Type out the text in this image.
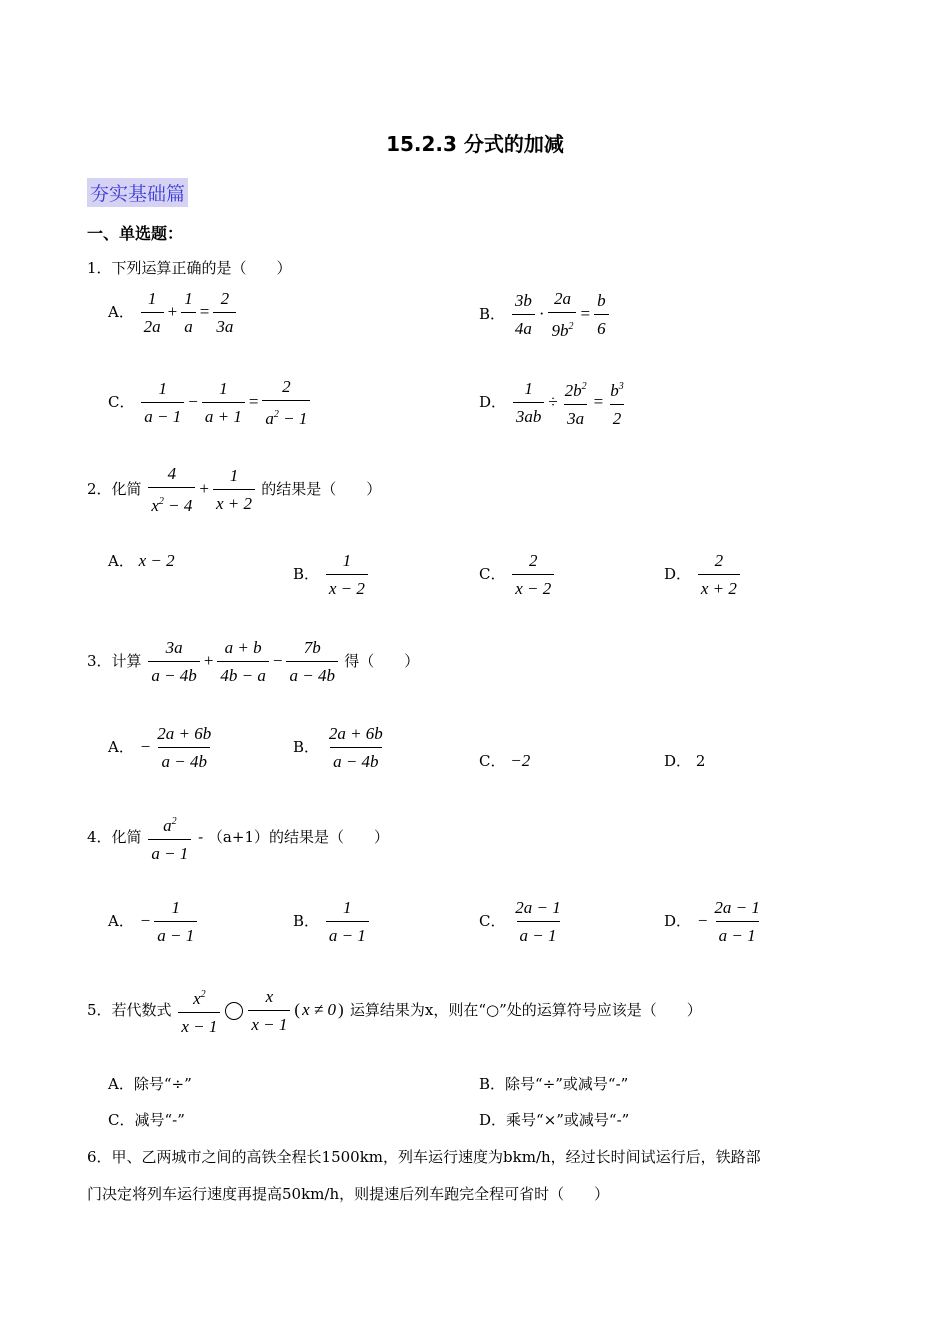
15.2.3 分式的加减
夯实基础篇
一、单选题：
1．下列运算正确的是（　　）
A． $\frac{1}{2a} + \frac{1}{a} = \frac{2}{3a}$	B． $\frac{3b}{4a} \cdot \frac{2a}{9b^2} = \frac{b}{6}$
C． $\frac{1}{a - 1} - \frac{1}{a + 1} = \frac{2}{a^2 - 1}$	D． $\frac{1}{3ab} \div \frac{2b^2}{3a} = \frac{b^3}{2}$
2．化简 $\frac{4}{x^2 - 4} + \frac{1}{x + 2}$ 的结果是（　　）
A． x − 2
B． $\frac{1}{x - 2}$	C． $\frac{2}{x - 2}$	D． $\frac{2}{x + 2}$
3．计算 $\frac{3a}{a - 4b} + \frac{a + b}{4b - a} - \frac{7b}{a - 4b}$ 得（　　）
A． − $\frac{2a + 6b}{a - 4b}$	B． $\frac{2a + 6b}{a - 4b}$	C． −2	D． 2
4．化简 $\frac{a^2}{a - 1} - (a+1)$的结果是（　　）
A． − $\frac{1}{a - 1}$	B． $\frac{1}{a - 1}$	C． $\frac{2a - 1}{a - 1}$	D． − $\frac{2a - 1}{a - 1}$
5．若代数式 $\frac{x^2}{x - 1} \frac{x}{x - 1}$ ( x ≠ 0 ) 运算结果为x，则在“○”处的运算符号应该是（　　）
A．除号“÷”	B．除号“÷”或减号“-”
C．减号“-”	D．乘号“×”或减号“-”
6．甲、乙两城市之间的高铁全程长1500km，列车运行速度为bkm/h，经过长时间试运行后，铁路部
门决定将列车运行速度再提高50km/h，则提速后列车跑完全程可省时（　　）
